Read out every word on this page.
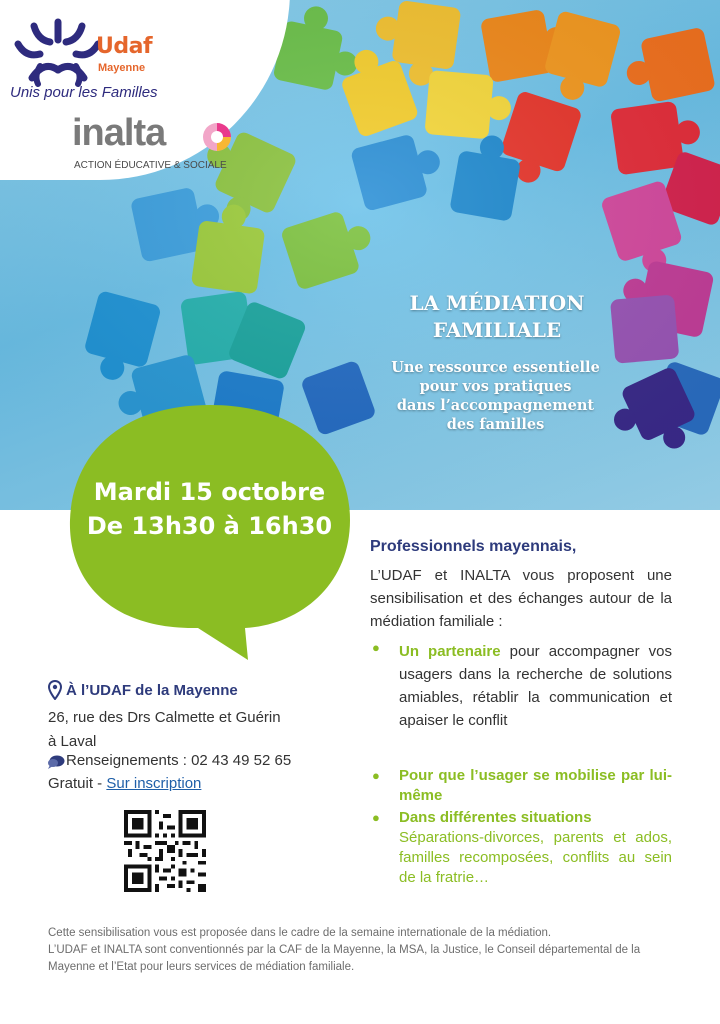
Udaf
Mayenne
Unis pour les Familles
inalta
ACTION ÉDUCATIVE & SOCIALE
LA MÉDIATION
FAMILIALE
Une ressource essentielle
pour vos pratiques
dans l’accompagnement
des familles
Mardi 15 octobre
De 13h30 à 16h30
Professionnels mayennais,
L’UDAF et INALTA vous proposent une sensibilisation et des échanges autour de la médiation familiale :
● Un partenaire pour accompagner vos usagers dans la recherche de solutions amiables, rétablir la communication et apaiser le conflit
● Pour que l’usager se mobilise par lui-même
● Dans différentes situations
Séparations-divorces, parents et ados, familles recomposées, conflits au sein de la fratrie…
À l’UDAF de la Mayenne
26, rue des Drs Calmette et Guérin
à Laval
Renseignements : 02 43 49 52 65
Gratuit - Sur inscription
Cette sensibilisation vous est proposée dans le cadre de la semaine internationale de la médiation.
L’UDAF et INALTA sont conventionnés par la CAF de la Mayenne, la MSA, la Justice, le Conseil départemental de la Mayenne et l’Etat pour leurs services de médiation familiale.
